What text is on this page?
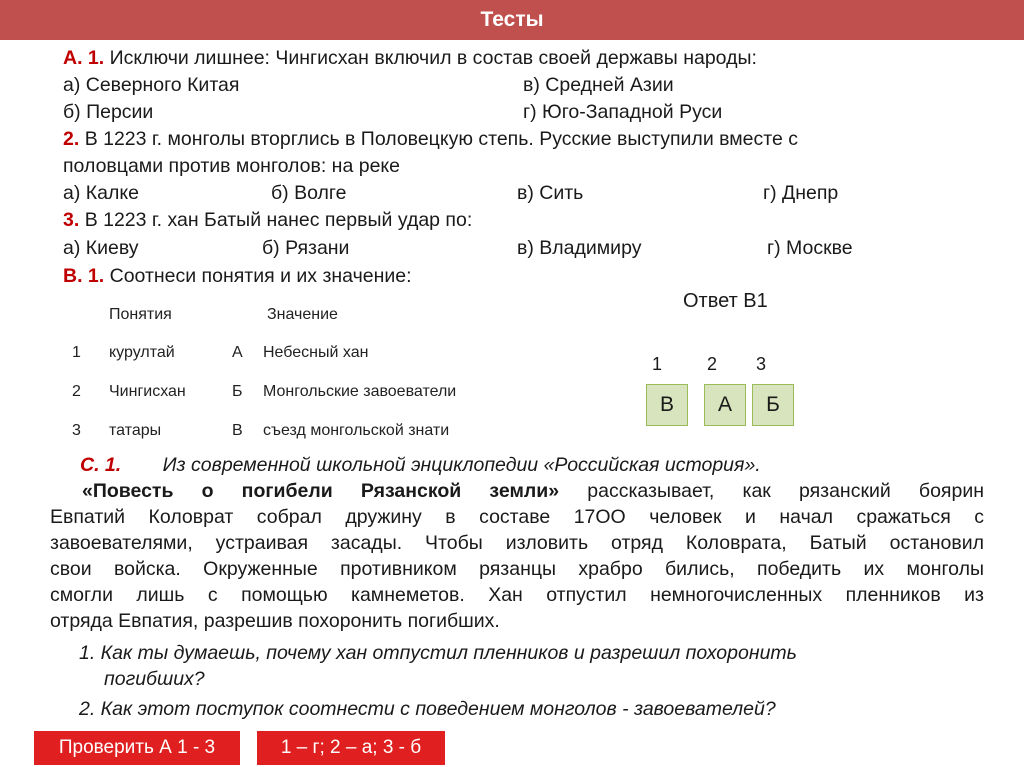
Тесты
А. 1. Исключи лишнее: Чингисхан включил в состав своей державы народы:
а) Северного Китая	в) Средней Азии
б) Персии	г) Юго-Западной Руси
2. В 1223 г. монголы вторглись в Половецкую степь. Русские выступили вместе с
половцами против монголов: на реке
а) Калке	б) Волге	в) Сить	г) Днепр
3. В 1223 г. хан Батый нанес первый удар по:
а) Киеву	б) Рязани	в) Владимиру	г) Москве
В. 1. Соотнеси понятия и их значение:
Понятия	Значение
1 курултай	А Небесный хан
2 Чингисхан	Б Монгольские завоеватели
3 татары	В съезд монгольской знати
Ответ В1
1 2 3
В	А	Б
С. 1. Из современной школьной энциклопедии «Российская история».
«Повесть о погибели Рязанской земли» рассказывает, как рязанский боярин
Евпатий Коловрат собрал дружину в составе 17ОО человек и начал сражаться с
завоевателями, устраивая засады. Чтобы изловить отряд Коловрата, Батый остановил
свои войска. Окруженные противником рязанцы храбро бились, победить их монголы
смогли лишь с помощью камнеметов. Хан отпустил немногочисленных пленников из
отряда Евпатия, разрешив похоронить погибших.
1. Как ты думаешь, почему хан отпустил пленников и разрешил похоронить
погибших?
2. Как этот поступок соотнести с поведением монголов - завоевателей?
Проверить А 1 - 3	1 – г; 2 – а; 3 - б
